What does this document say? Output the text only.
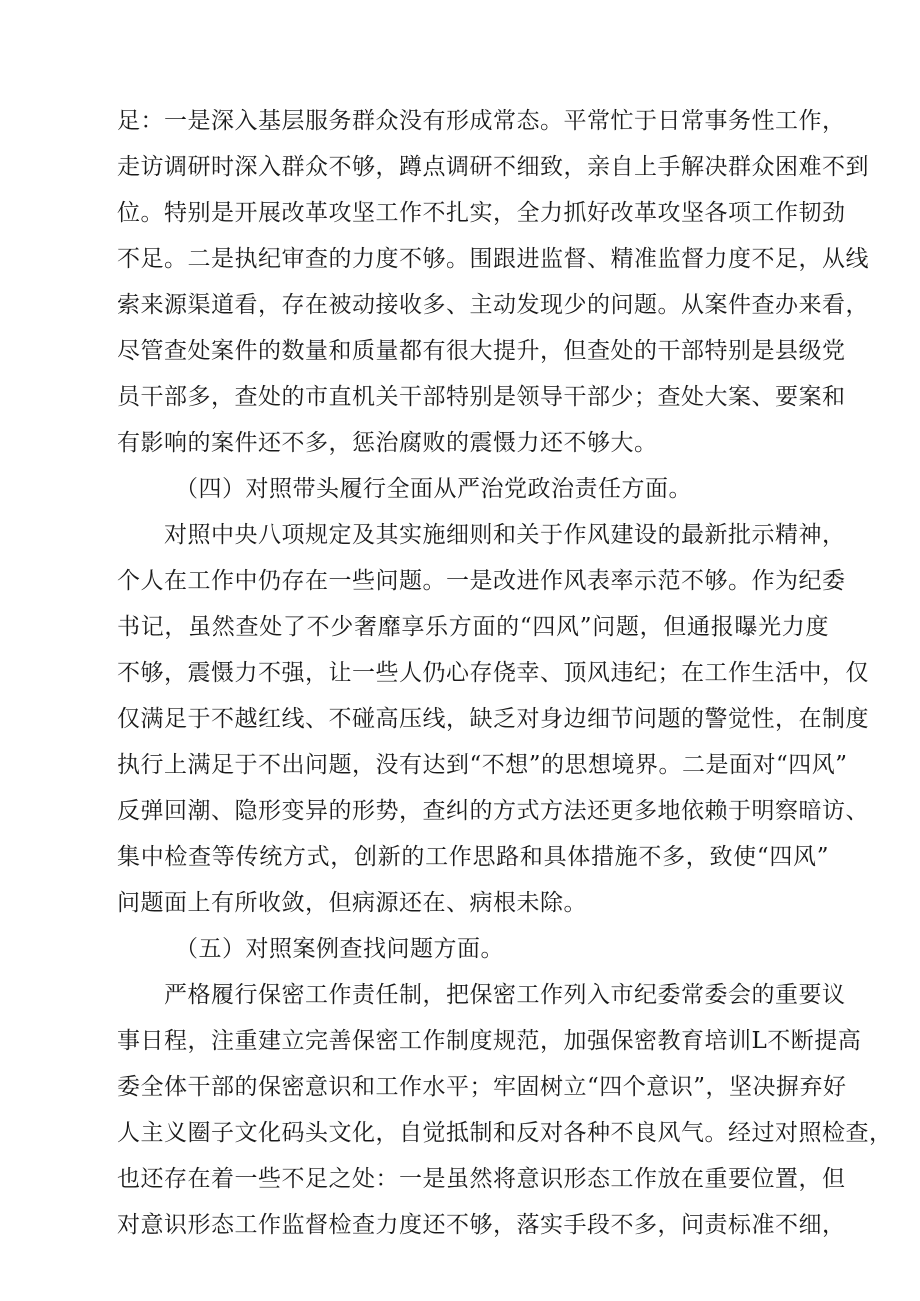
足：一是深入基层服务群众没有形成常态。平常忙于日常事务性工作，
走访调研时深入群众不够，蹲点调研不细致，亲自上手解决群众困难不到
位。特别是开展改革攻坚工作不扎实，全力抓好改革攻坚各项工作韧劲
不足。二是执纪审查的力度不够。围跟进监督、精准监督力度不足，从线
索来源渠道看，存在被动接收多、主动发现少的问题。从案件查办来看，
尽管查处案件的数量和质量都有很大提升，但查处的干部特别是县级党
员干部多，查处的市直机关干部特别是领导干部少；查处大案、要案和
有影响的案件还不多，惩治腐败的震慑力还不够大。
（四）对照带头履行全面从严治党政治责任方面。
对照中央八项规定及其实施细则和关于作风建设的最新批示精神，
个人在工作中仍存在一些问题。一是改进作风表率示范不够。作为纪委
书记，虽然查处了不少奢靡享乐方面的“四风”问题，但通报曝光力度
不够，震慑力不强，让一些人仍心存侥幸、顶风违纪；在工作生活中，仅
仅满足于不越红线、不碰高压线，缺乏对身边细节问题的警觉性，在制度
执行上满足于不出问题，没有达到“不想”的思想境界。二是面对“四风”
反弹回潮、隐形变异的形势，查纠的方式方法还更多地依赖于明察暗访、
集中检查等传统方式，创新的工作思路和具体措施不多，致使“四风”
问题面上有所收敛，但病源还在、病根未除。
（五）对照案例查找问题方面。
严格履行保密工作责任制，把保密工作列入市纪委常委会的重要议
事日程，注重建立完善保密工作制度规范，加强保密教育培训L不断提高
委全体干部的保密意识和工作水平；牢固树立“四个意识”，坚决摒弃好
人主义圈子文化码头文化，自觉抵制和反对各种不良风气。经过对照检查，
也还存在着一些不足之处：一是虽然将意识形态工作放在重要位置，但
对意识形态工作监督检查力度还不够，落实手段不多，问责标准不细，
